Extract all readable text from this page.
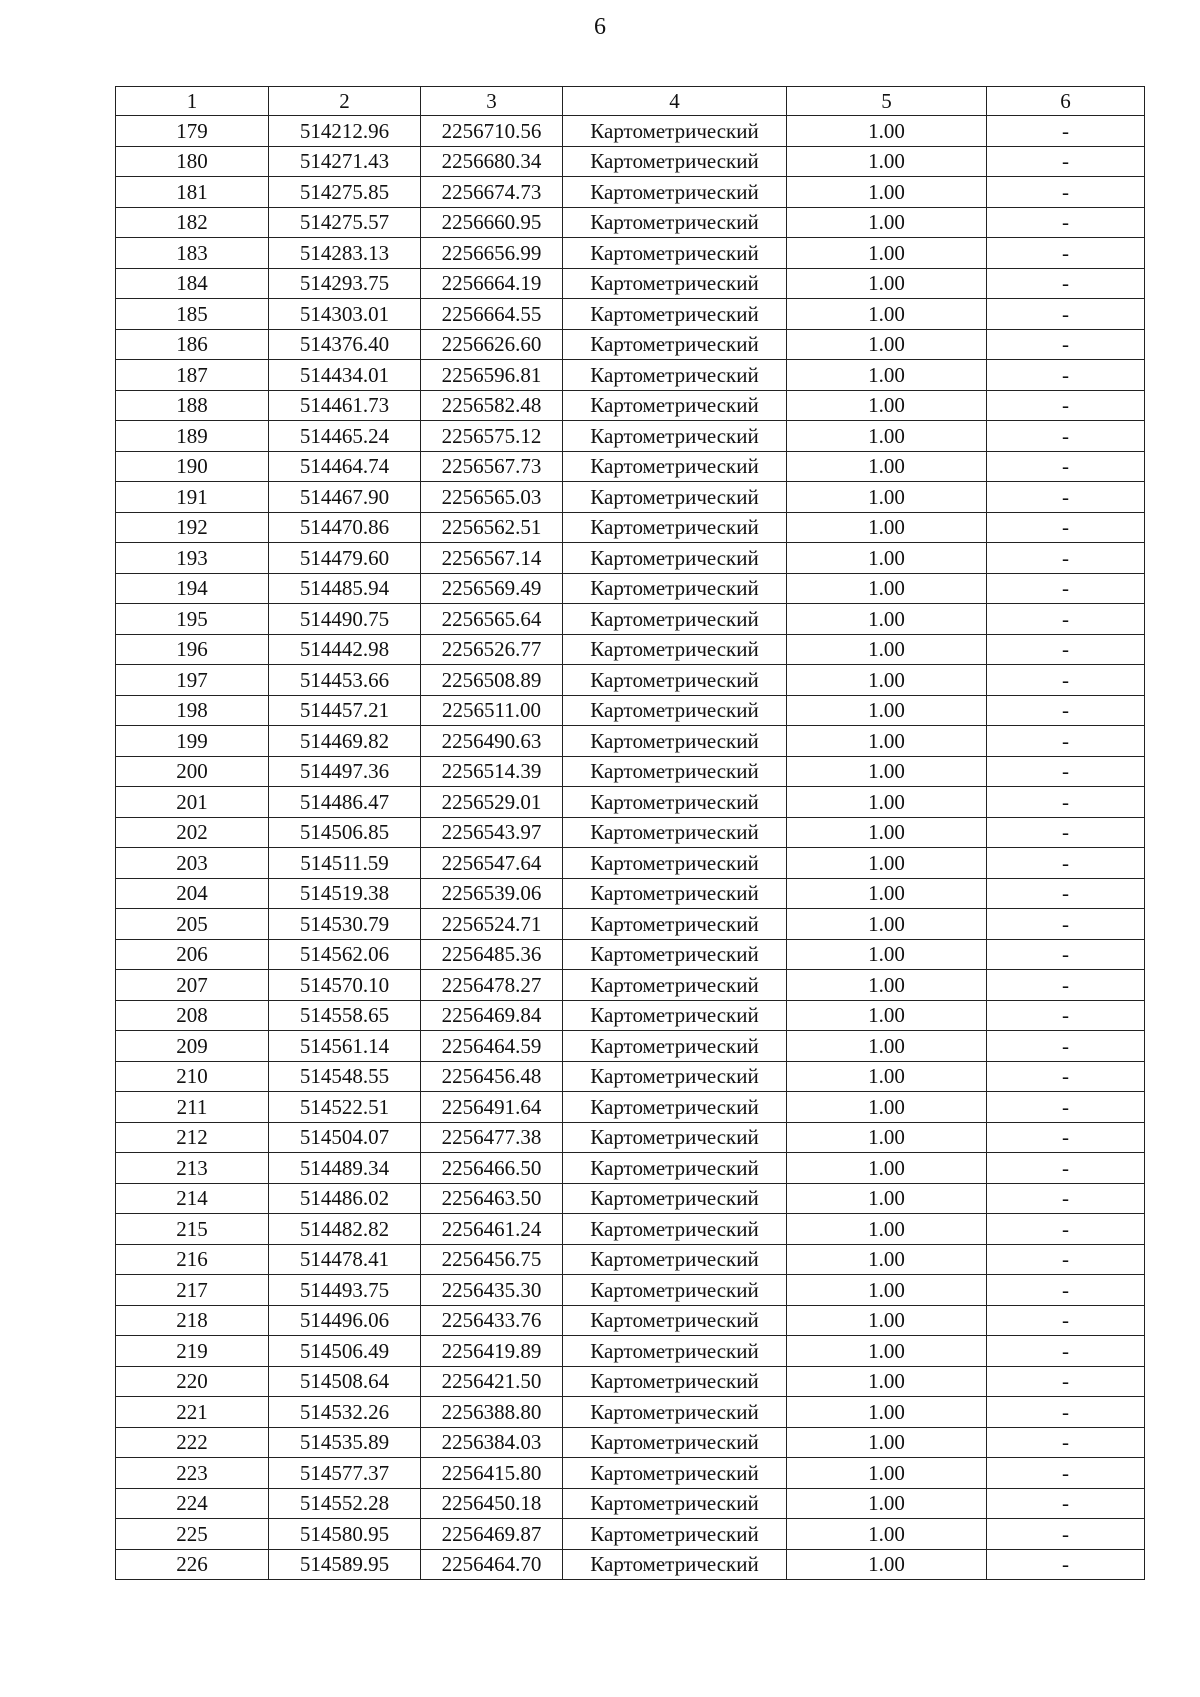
6
1	2	3	4	5	6
179	514212.96	2256710.56	Картометрический	1.00	-
180	514271.43	2256680.34	Картометрический	1.00	-
181	514275.85	2256674.73	Картометрический	1.00	-
182	514275.57	2256660.95	Картометрический	1.00	-
183	514283.13	2256656.99	Картометрический	1.00	-
184	514293.75	2256664.19	Картометрический	1.00	-
185	514303.01	2256664.55	Картометрический	1.00	-
186	514376.40	2256626.60	Картометрический	1.00	-
187	514434.01	2256596.81	Картометрический	1.00	-
188	514461.73	2256582.48	Картометрический	1.00	-
189	514465.24	2256575.12	Картометрический	1.00	-
190	514464.74	2256567.73	Картометрический	1.00	-
191	514467.90	2256565.03	Картометрический	1.00	-
192	514470.86	2256562.51	Картометрический	1.00	-
193	514479.60	2256567.14	Картометрический	1.00	-
194	514485.94	2256569.49	Картометрический	1.00	-
195	514490.75	2256565.64	Картометрический	1.00	-
196	514442.98	2256526.77	Картометрический	1.00	-
197	514453.66	2256508.89	Картометрический	1.00	-
198	514457.21	2256511.00	Картометрический	1.00	-
199	514469.82	2256490.63	Картометрический	1.00	-
200	514497.36	2256514.39	Картометрический	1.00	-
201	514486.47	2256529.01	Картометрический	1.00	-
202	514506.85	2256543.97	Картометрический	1.00	-
203	514511.59	2256547.64	Картометрический	1.00	-
204	514519.38	2256539.06	Картометрический	1.00	-
205	514530.79	2256524.71	Картометрический	1.00	-
206	514562.06	2256485.36	Картометрический	1.00	-
207	514570.10	2256478.27	Картометрический	1.00	-
208	514558.65	2256469.84	Картометрический	1.00	-
209	514561.14	2256464.59	Картометрический	1.00	-
210	514548.55	2256456.48	Картометрический	1.00	-
211	514522.51	2256491.64	Картометрический	1.00	-
212	514504.07	2256477.38	Картометрический	1.00	-
213	514489.34	2256466.50	Картометрический	1.00	-
214	514486.02	2256463.50	Картометрический	1.00	-
215	514482.82	2256461.24	Картометрический	1.00	-
216	514478.41	2256456.75	Картометрический	1.00	-
217	514493.75	2256435.30	Картометрический	1.00	-
218	514496.06	2256433.76	Картометрический	1.00	-
219	514506.49	2256419.89	Картометрический	1.00	-
220	514508.64	2256421.50	Картометрический	1.00	-
221	514532.26	2256388.80	Картометрический	1.00	-
222	514535.89	2256384.03	Картометрический	1.00	-
223	514577.37	2256415.80	Картометрический	1.00	-
224	514552.28	2256450.18	Картометрический	1.00	-
225	514580.95	2256469.87	Картометрический	1.00	-
226	514589.95	2256464.70	Картометрический	1.00	-
